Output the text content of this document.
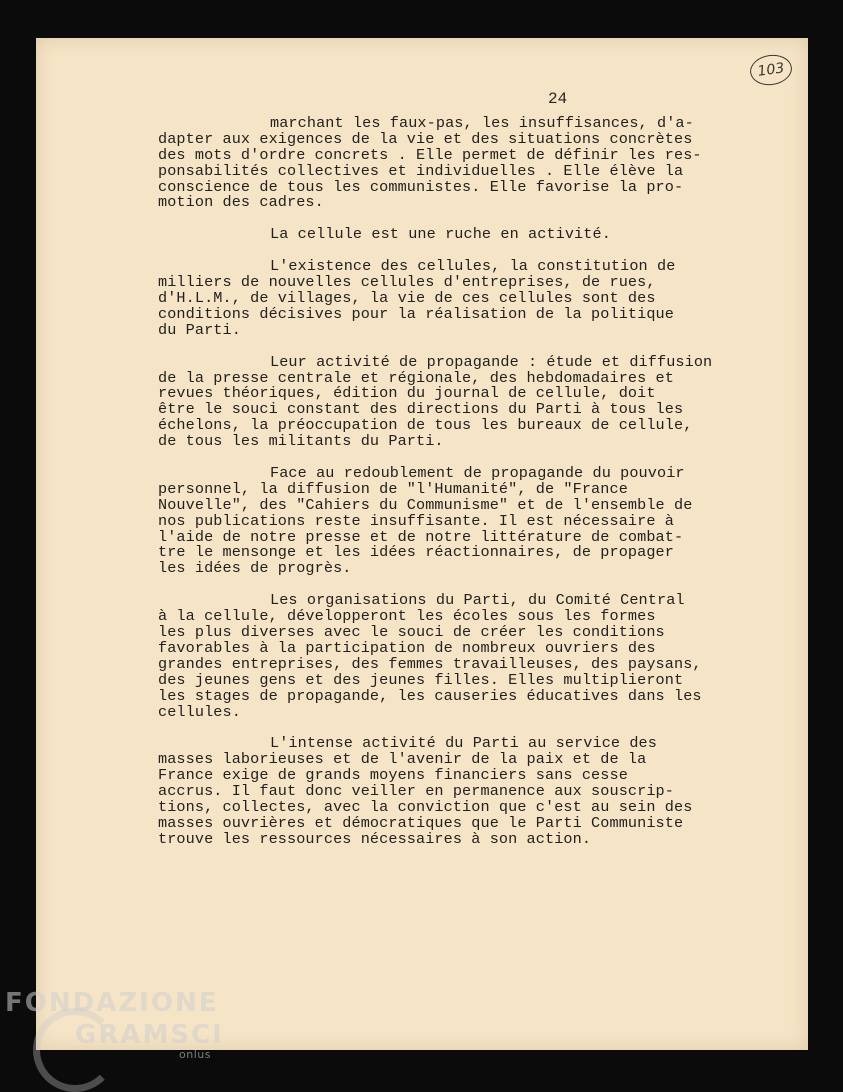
103
24
marchant les faux-pas, les insuffisances, d'a-
dapter aux exigences de la vie et des situations concrètes
des mots d'ordre concrets . Elle permet de définir les res-
ponsabilités collectives et individuelles . Elle élève la
conscience de tous les communistes. Elle favorise la pro-
motion des cadres.
La cellule est une ruche en activité.
L'existence des cellules, la constitution de
milliers de nouvelles cellules d'entreprises, de rues,
d'H.L.M., de villages, la vie de ces cellules sont des
conditions décisives pour la réalisation de la politique
du Parti.
Leur activité de propagande : étude et diffusion
de la presse centrale et régionale, des hebdomadaires et
revues théoriques, édition du journal de cellule, doit
être le souci constant des directions du Parti à tous les
échelons, la préoccupation de tous les bureaux de cellule,
de tous les militants du Parti.
Face au redoublement de propagande du pouvoir
personnel, la diffusion de "l'Humanité", de "France
Nouvelle", des "Cahiers du Communisme" et de l'ensemble de
nos publications reste insuffisante. Il est nécessaire à
l'aide de notre presse et de notre littérature de combat-
tre le mensonge et les idées réactionnaires, de propager
les idées de progrès.
Les organisations du Parti, du Comité Central
à la cellule, développeront les écoles sous les formes
les plus diverses avec le souci de créer les conditions
favorables à la participation de nombreux ouvriers des
grandes entreprises, des femmes travailleuses, des paysans,
des jeunes gens et des jeunes filles. Elles multiplieront
les stages de propagande, les causeries éducatives dans les
cellules.
L'intense activité du Parti au service des
masses laborieuses et de l'avenir de la paix et de la
France exige de grands moyens financiers sans cesse
accrus. Il faut donc veiller en permanence aux souscrip-
tions, collectes, avec la conviction que c'est au sein des
masses ouvrières et démocratiques que le Parti Communiste
trouve les ressources nécessaires à son action.
FONDAZIONE
GRAMSCI
onlus
